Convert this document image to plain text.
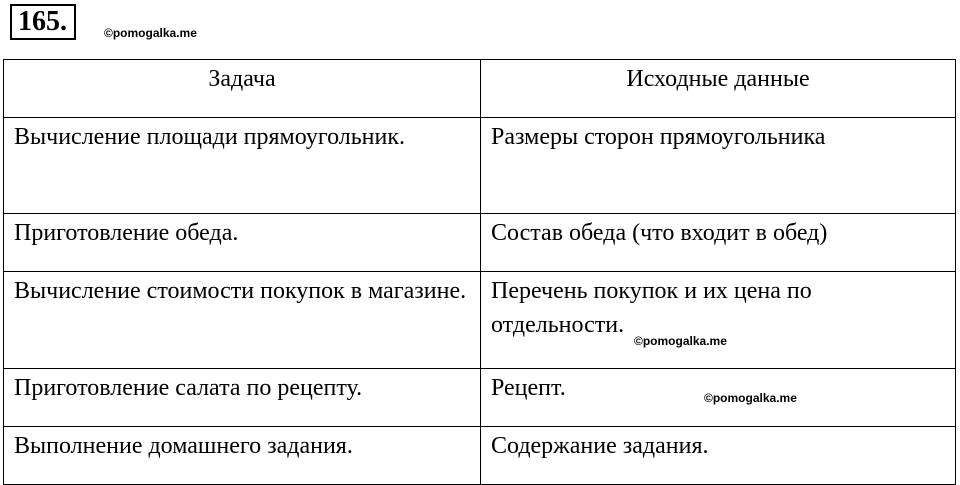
165.	©pomogalka.me
Задача	Исходные данные
Вычисление площади прямоугольник.	Размеры сторон прямоугольника
Приготовление обеда.	Состав обеда (что входит в обед)
Вычисление стоимости покупок в магазине.	Перечень покупок и их цена по отдельности.
Приготовление салата по рецепту.	Рецепт.
Выполнение домашнего задания.	Содержание задания.
©pomogalka.me
©pomogalka.me
